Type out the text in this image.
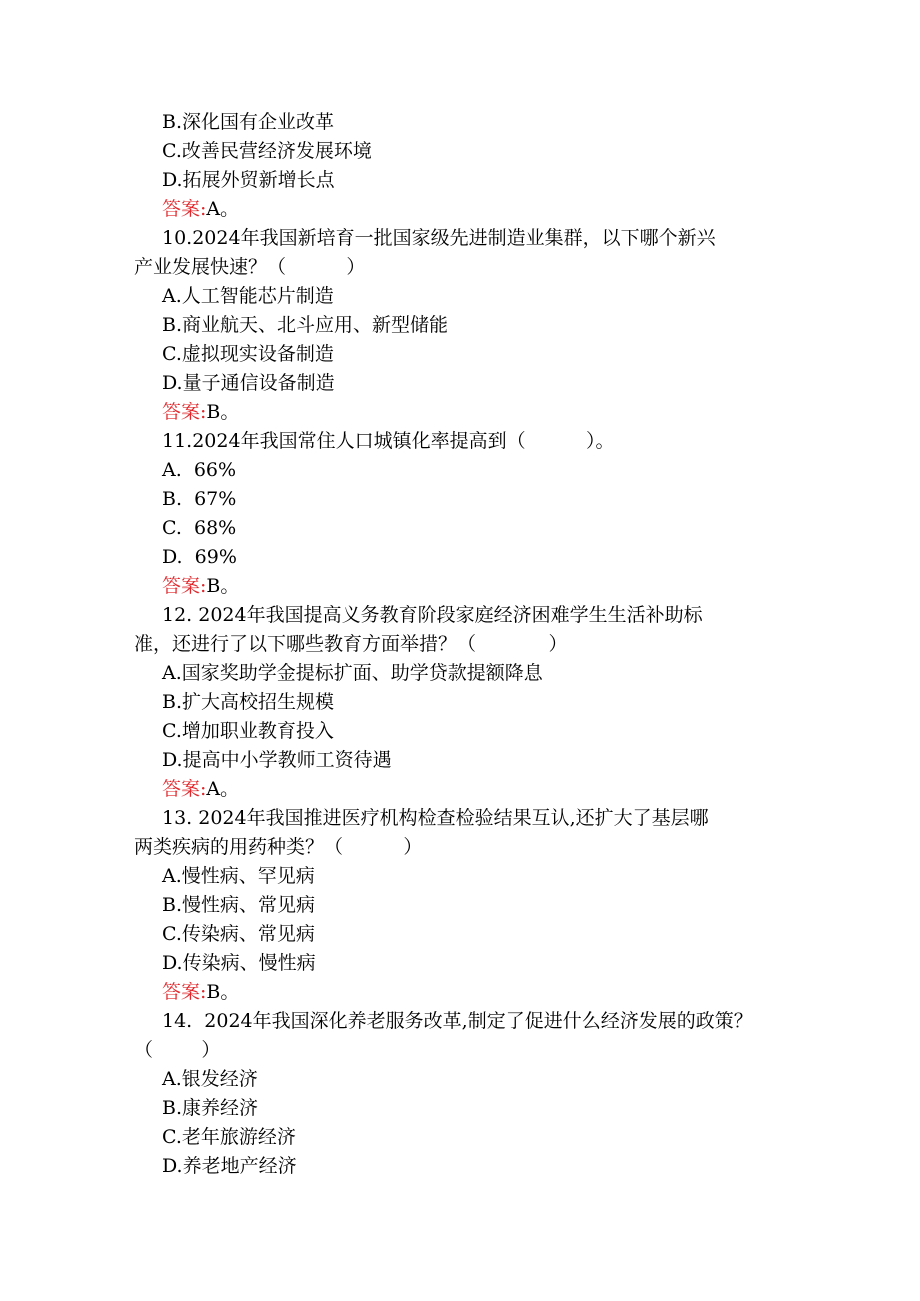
B.深化国有企业改革
C.改善民营经济发展环境
D.拓展外贸新增长点
答案:A。
10.2024年我国新培育一批国家级先进制造业集群，以下哪个新兴
产业发展快速？（          ）
A.人工智能芯片制造
B.商业航天、北斗应用、新型储能
C.虚拟现实设备制造
D.量子通信设备制造
答案:B。
11.2024年我国常住人口城镇化率提高到（          ）。
A.  66%
B.  67%
C.  68%
D.  69%
答案:B。
12. 2024年我国提高义务教育阶段家庭经济困难学生生活补助标
准，还进行了以下哪些教育方面举措？（            ）
A.国家奖助学金提标扩面、助学贷款提额降息
B.扩大高校招生规模
C.增加职业教育投入
D.提高中小学教师工资待遇
答案:A。
13. 2024年我国推进医疗机构检查检验结果互认,还扩大了基层哪
两类疾病的用药种类？（          ）
A.慢性病、罕见病
B.慢性病、常见病
C.传染病、常见病
D.传染病、慢性病
答案:B。
14.  2024年我国深化养老服务改革,制定了促进什么经济发展的政策？
（        ）
A.银发经济
B.康养经济
C.老年旅游经济
D.养老地产经济
